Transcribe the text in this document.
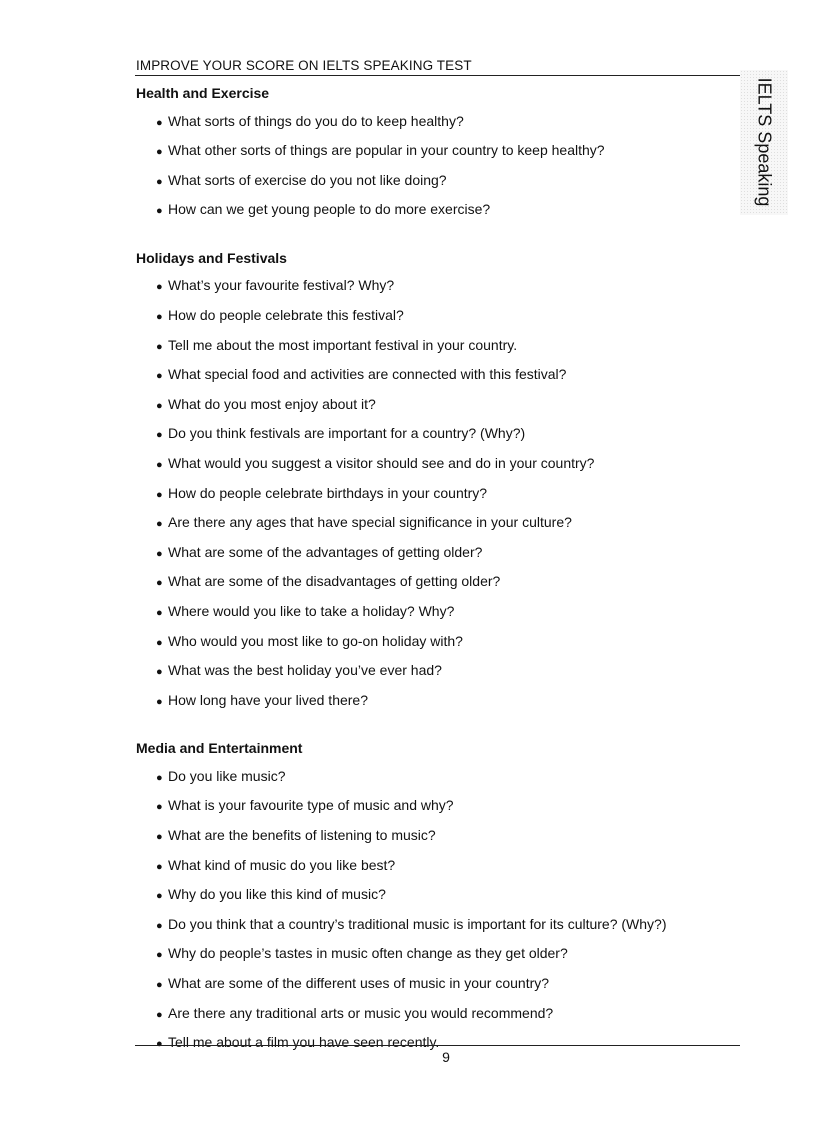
IMPROVE YOUR SCORE ON IELTS SPEAKING TEST
IELTS Speaking
Health and Exercise
● What sorts of things do you do to keep healthy?
● What other sorts of things are popular in your country to keep healthy?
● What sorts of exercise do you not like doing?
● How can we get young people to do more exercise?
Holidays and Festivals
● What’s your favourite festival? Why?
● How do people celebrate this festival?
● Tell me about the most important festival in your country.
● What special food and activities are connected with this festival?
● What do you most enjoy about it?
● Do you think festivals are important for a country? (Why?)
● What would you suggest a visitor should see and do in your country?
● How do people celebrate birthdays in your country?
● Are there any ages that have special significance in your culture?
● What are some of the advantages of getting older?
● What are some of the disadvantages of getting older?
● Where would you like to take a holiday? Why?
● Who would you most like to go-on holiday with?
● What was the best holiday you’ve ever had?
● How long have your lived there?
Media and Entertainment
● Do you like music?
● What is your favourite type of music and why?
● What are the benefits of listening to music?
● What kind of music do you like best?
● Why do you like this kind of music?
● Do you think that a country’s traditional music is important for its culture? (Why?)
● Why do people’s tastes in music often change as they get older?
● What are some of the different uses of music in your country?
● Are there any traditional arts or music you would recommend?
● Tell me about a film you have seen recently.
9
